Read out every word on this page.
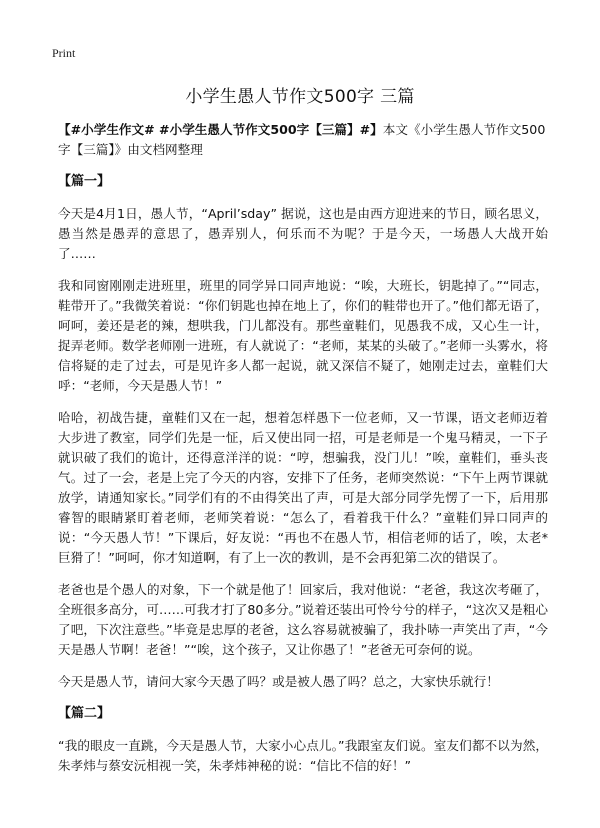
Print
小学生愚人节作文500字 三篇

【#小学生作文# #小学生愚人节作文500字【三篇】#】本文《小学生愚人节作文500字【三篇】》由文档网整理

【篇一】

今天是4月1日，愚人节，“April’sday” 据说，这也是由西方迎进来的节日，顾名思义，愚当然是愚弄的意思了，愚弄别人，何乐而不为呢？于是今天，一场愚人大战开始了……

我和同窗刚刚走进班里，班里的同学异口同声地说：“唉，大班长，钥匙掉了。”“同志，鞋带开了。”我微笑着说：“你们钥匙也掉在地上了，你们的鞋带也开了。”他们都无语了，呵呵，姜还是老的辣，想哄我，门儿都没有。那些童鞋们，见愚我不成，又心生一计，捉弄老师。数学老师刚一进班，有人就说了：“老师，某某的头破了。”老师一头雾水，将信将疑的走了过去，可是见许多人都一起说，就又深信不疑了，她刚走过去，童鞋们大呼：“老师，今天是愚人节！”

哈哈，初战告捷，童鞋们又在一起，想着怎样愚下一位老师，又一节课，语文老师迈着大步进了教室，同学们先是一怔，后又使出同一招，可是老师是一个鬼马精灵，一下子就识破了我们的诡计，还得意洋洋的说：“哼，想骗我，没门儿！”唉，童鞋们，垂头丧气。过了一会，老是上完了今天的内容，安排下了任务，老师突然说：“下午上两节课就放学，请通知家长。”同学们有的不由得笑出了声，可是大部分同学先愣了一下，后用那睿智的眼睛紧盯着老师，老师笑着说：“怎么了，看着我干什么？”童鞋们异口同声的说：“今天愚人节！”下课后，好友说：“再也不在愚人节，相信老师的话了，唉，太老*巨猾了！”呵呵，你才知道啊，有了上一次的教训，是不会再犯第二次的错误了。

老爸也是个愚人的对象，下一个就是他了！回家后，我对他说：“老爸，我这次考砸了，全班很多高分，可……可我才打了80多分。”说着还装出可怜兮兮的样子，“这次又是粗心了吧，下次注意些。”毕竟是忠厚的老爸，这么容易就被骗了，我扑哧一声笑出了声，“今天是愚人节啊！老爸！”“唉，这个孩子，又让你愚了！”老爸无可奈何的说。

今天是愚人节，请问大家今天愚了吗？或是被人愚了吗？总之，大家快乐就行！

【篇二】

“我的眼皮一直跳，今天是愚人节，大家小心点儿。”我跟室友们说。室友们都不以为然，朱孝炜与蔡安沅相视一笑，朱孝炜神秘的说：“信比不信的好！”
